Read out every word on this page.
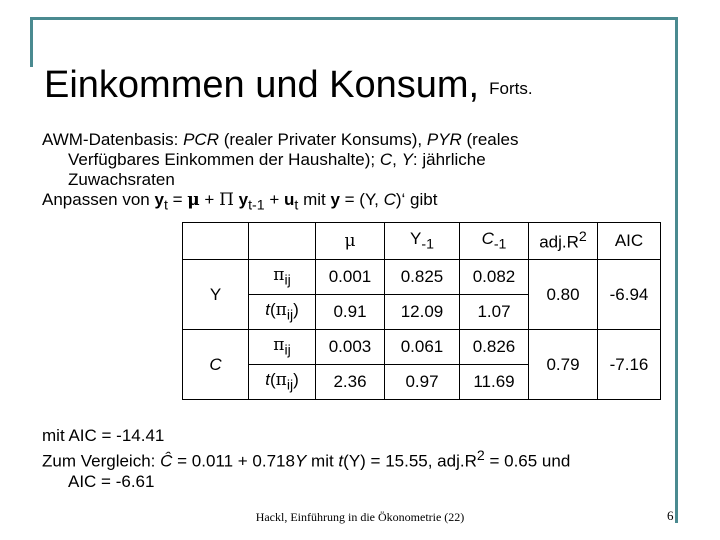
Einkommen und Konsum, Forts.

AWM-Datenbasis: PCR (realer Privater Konsums), PYR (reales

Verfügbares Einkommen der Haushalte); C, Y: jährliche

Zuwachsraten

Anpassen von $y_t = \mu + \Pi$ $y_{t-1} + u_t$ mit y = (Y, C)‘ gibt

		μ	$Y_{-1}$	$C_{-1}$	$adj.R^2$	AIC
Y	$\pi_{ij}$	0.001	0.825	0.082	0.80	-6.94
	$t(\pi_{ij})$	0.91	12.09	1.07		
C	$\pi_{ij}$	0.003	0.061	0.826	0.79	-7.16
	$t(\pi_{ij})$	2.36	0.97	11.69		

mit AIC = -14.41

Zum Vergleich: Ĉ = 0.011 + 0.718Y mit t(Y) = 15.55, $adj.R^2 = 0.65$ und

AIC = -6.61

Hackl, Einführung in die Ökonometrie (22)	6
